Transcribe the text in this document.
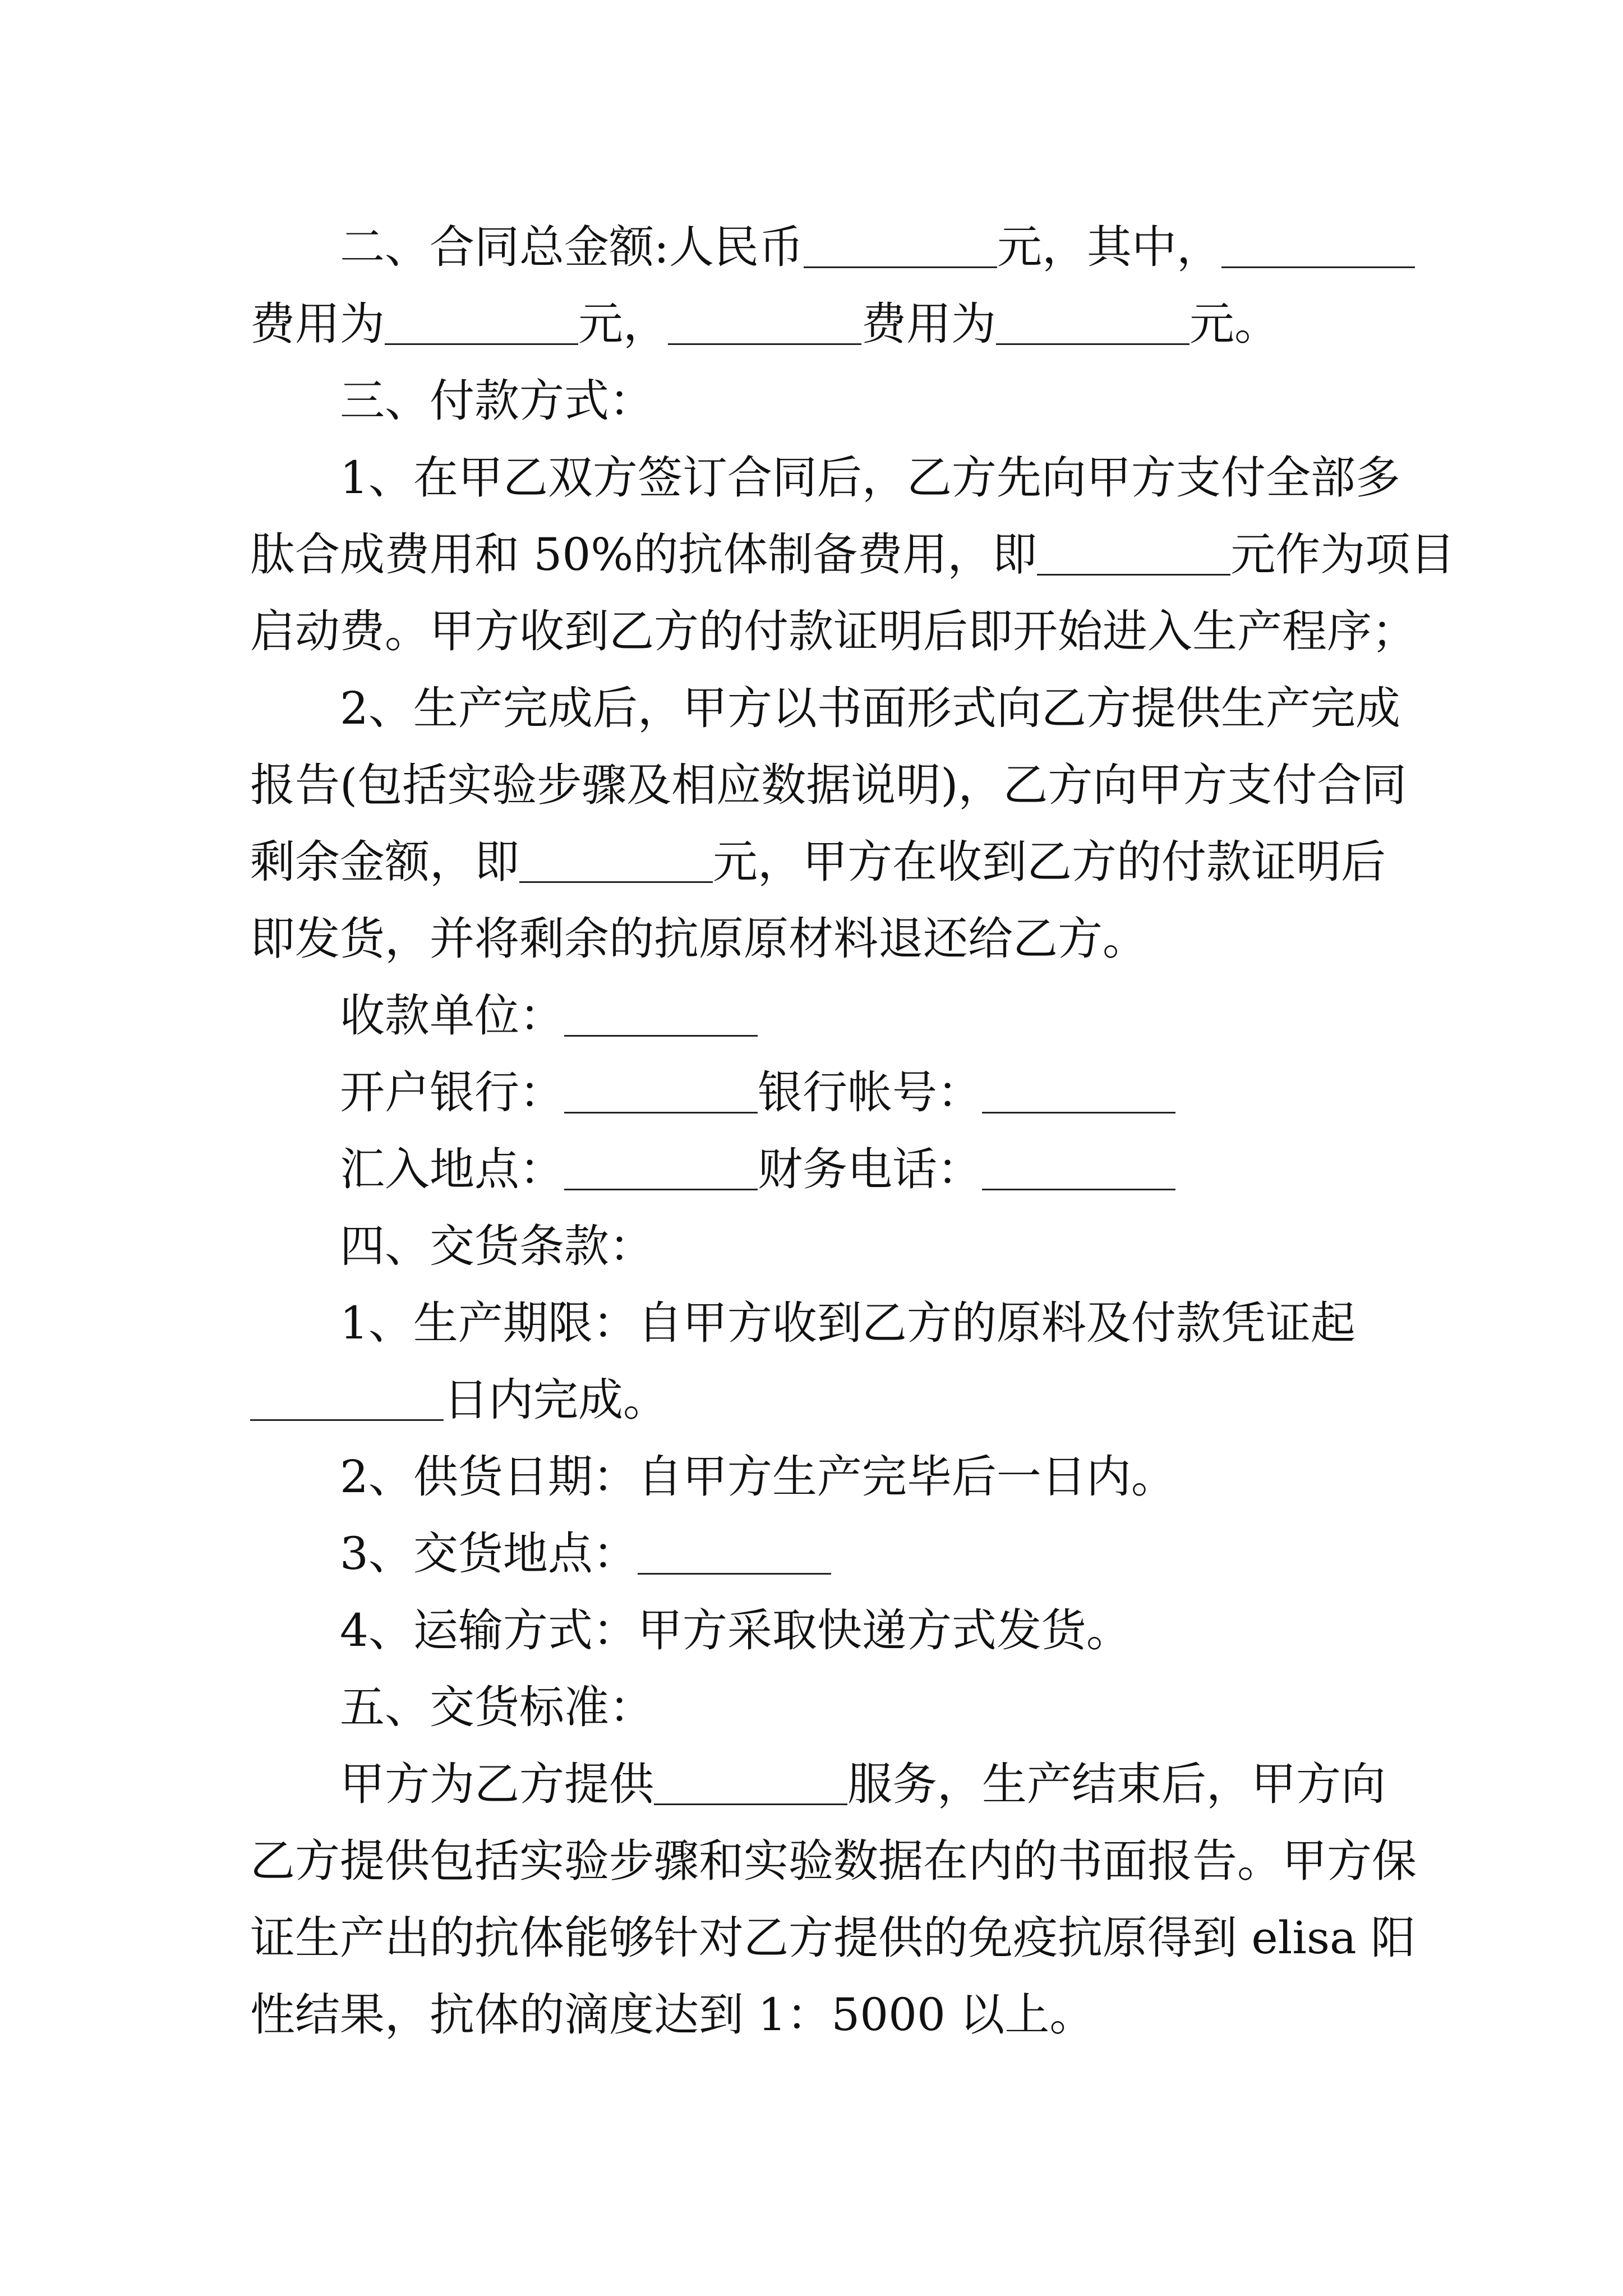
二、合同总金额:人民币	元，其中，
费用为	元，	费用为	元。
三、付款方式：
1、在甲乙双方签订合同后，乙方先向甲方支付全部多
肽合成费用和 50%的抗体制备费用，即	元作为项目
启动费。甲方收到乙方的付款证明后即开始进入生产程序；
2、生产完成后，甲方以书面形式向乙方提供生产完成
报告(包括实验步骤及相应数据说明)，乙方向甲方支付合同
剩余金额，即	元，甲方在收到乙方的付款证明后
即发货，并将剩余的抗原原材料退还给乙方。
收款单位：
开户银行：	银行帐号：
汇入地点：	财务电话：
四、交货条款：
1、生产期限：自甲方收到乙方的原料及付款凭证起
日内完成。
2、供货日期：自甲方生产完毕后一日内。
3、交货地点：
4、运输方式：甲方采取快递方式发货。
五、交货标准：
甲方为乙方提供	服务，生产结束后，甲方向
乙方提供包括实验步骤和实验数据在内的书面报告。甲方保
证生产出的抗体能够针对乙方提供的免疫抗原得到 elisa 阳
性结果，抗体的滴度达到 1：5000 以上。
